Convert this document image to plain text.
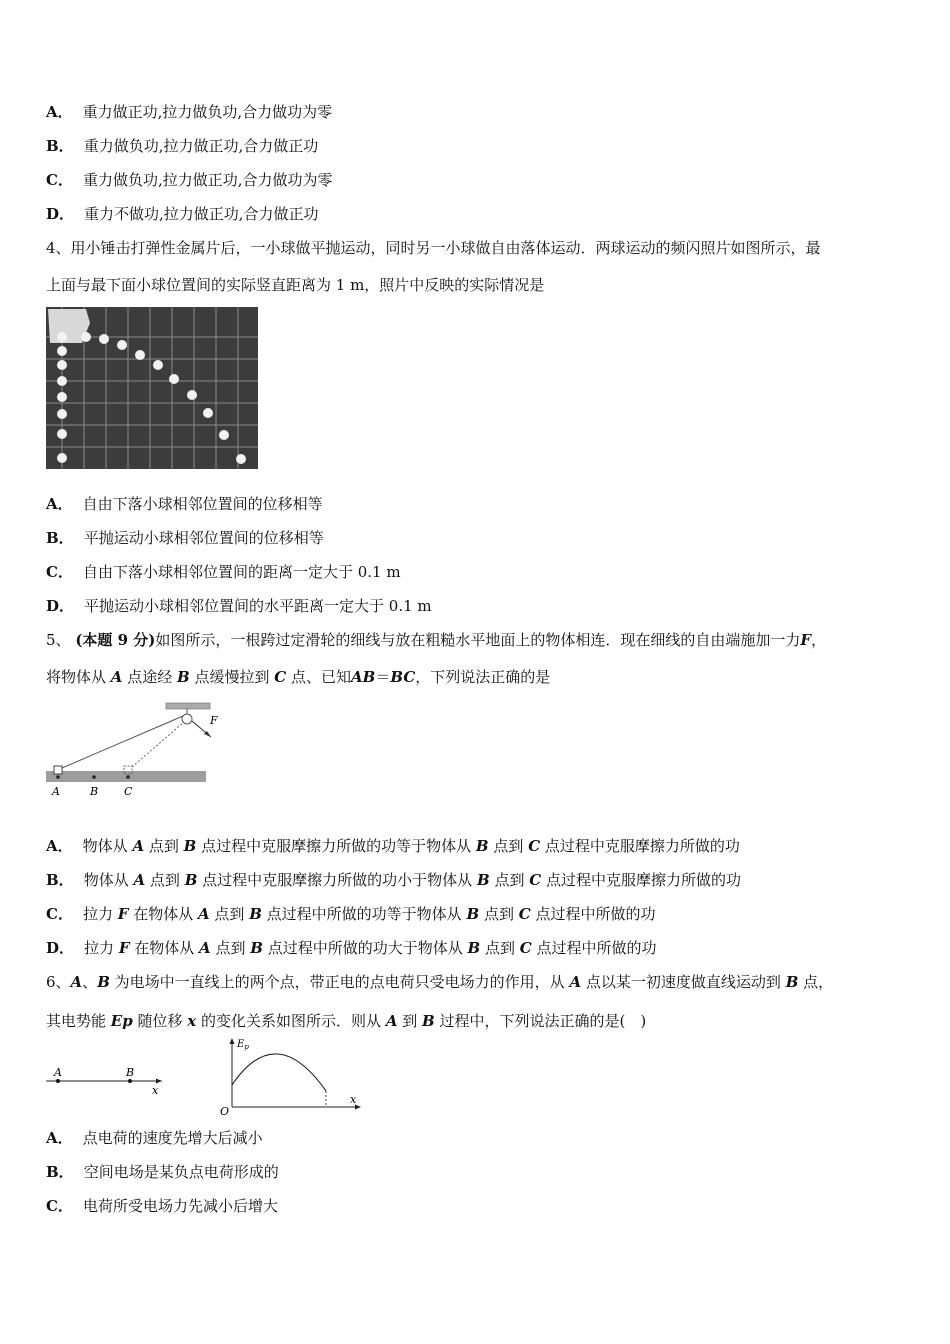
A． 重力做正功,拉力做负功,合力做功为零
B． 重力做负功,拉力做正功,合力做正功
C． 重力做负功,拉力做正功,合力做功为零
D． 重力不做功,拉力做正功,合力做正功
4、用小锤击打弹性金属片后，一小球做平抛运动，同时另一小球做自由落体运动．两球运动的频闪照片如图所示，最
上面与最下面小球位置间的实际竖直距离为 1 m，照片中反映的实际情况是
A． 自由下落小球相邻位置间的位移相等
B． 平抛运动小球相邻位置间的位移相等
C． 自由下落小球相邻位置间的距离一定大于 0.1 m
D． 平抛运动小球相邻位置间的水平距离一定大于 0.1 m
5、 (本题 9 分)如图所示，一根跨过定滑轮的细线与放在粗糙水平地面上的物体相连．现在细线的自由端施加一力F，
将物体从 A 点途经 B 点缓慢拉到 C 点、已知AB＝BC，下列说法正确的是
A	B C
F
A． 物体从 A 点到 B 点过程中克服摩擦力所做的功等于物体从 B 点到 C 点过程中克服摩擦力所做的功
B． 物体从 A 点到 B 点过程中克服摩擦力所做的功小于物体从 B 点到 C 点过程中克服摩擦力所做的功
C． 拉力 F 在物体从 A 点到 B 点过程中所做的功等于物体从 B 点到 C 点过程中所做的功
D． 拉力 F 在物体从 A 点到 B 点过程中所做的功大于物体从 B 点到 C 点过程中所做的功
6、A、B 为电场中一直线上的两个点，带正电的点电荷只受电场力的作用，从 A 点以某一初速度做直线运动到 B 点，
其电势能 Ep 随位移 x 的变化关系如图所示．则从 A 到 B 过程中，下列说法正确的是(　)
A	B
x
$E_p$
O
x
A． 点电荷的速度先增大后减小
B． 空间电场是某负点电荷形成的
C． 电荷所受电场力先减小后增大
